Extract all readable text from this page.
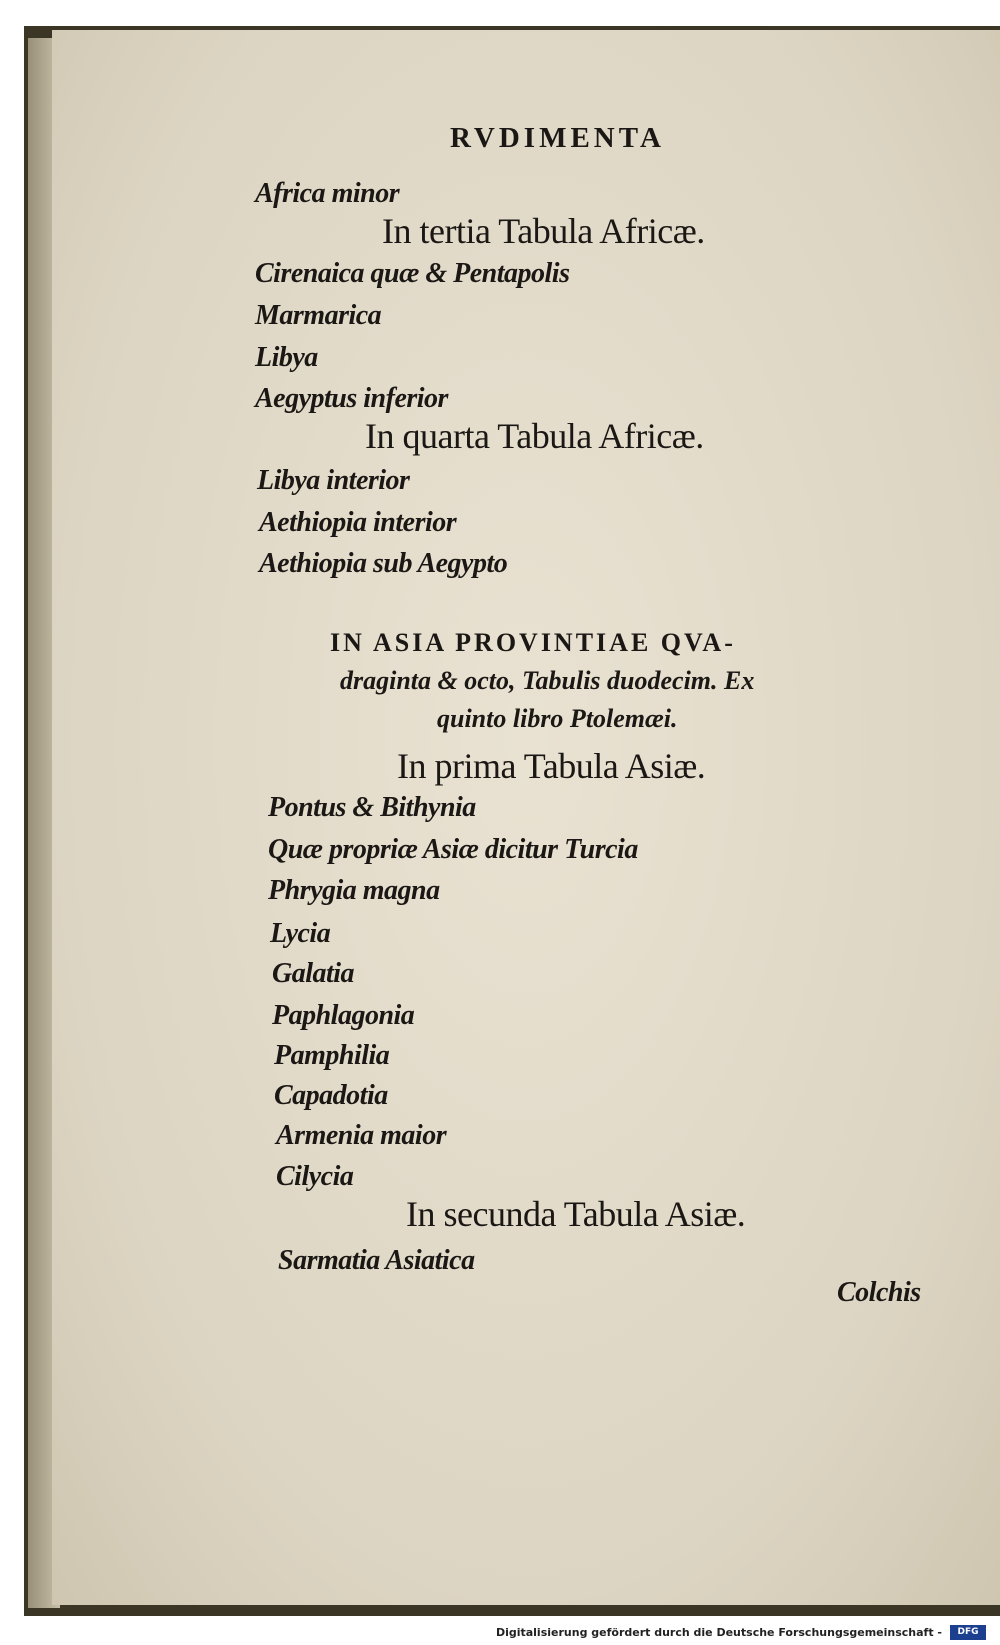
RVDIMENTA
Africa minor
In tertia Tabula Africæ.
Cirenaica quæ & Pentapolis
Marmarica
Libya
Aegyptus inferior
In quarta Tabula Africæ.
Libya interior
Aethiopia interior
Aethiopia sub Aegypto
IN ASIA PROVINTIAE QVA-
draginta & octo, Tabulis duodecim. Ex
quinto libro Ptolemæi.
In prima Tabula Asiæ.
Pontus & Bithynia
Quæ propriæ Asiæ dicitur Turcia
Phrygia magna
Lycia
Galatia
Paphlagonia
Pamphilia
Capadotia
Armenia maior
Cilycia
In secunda Tabula Asiæ.
Sarmatia Asiatica
Colchis
Digitalisierung gefördert durch die Deutsche Forschungsgemeinschaft -	DFG
